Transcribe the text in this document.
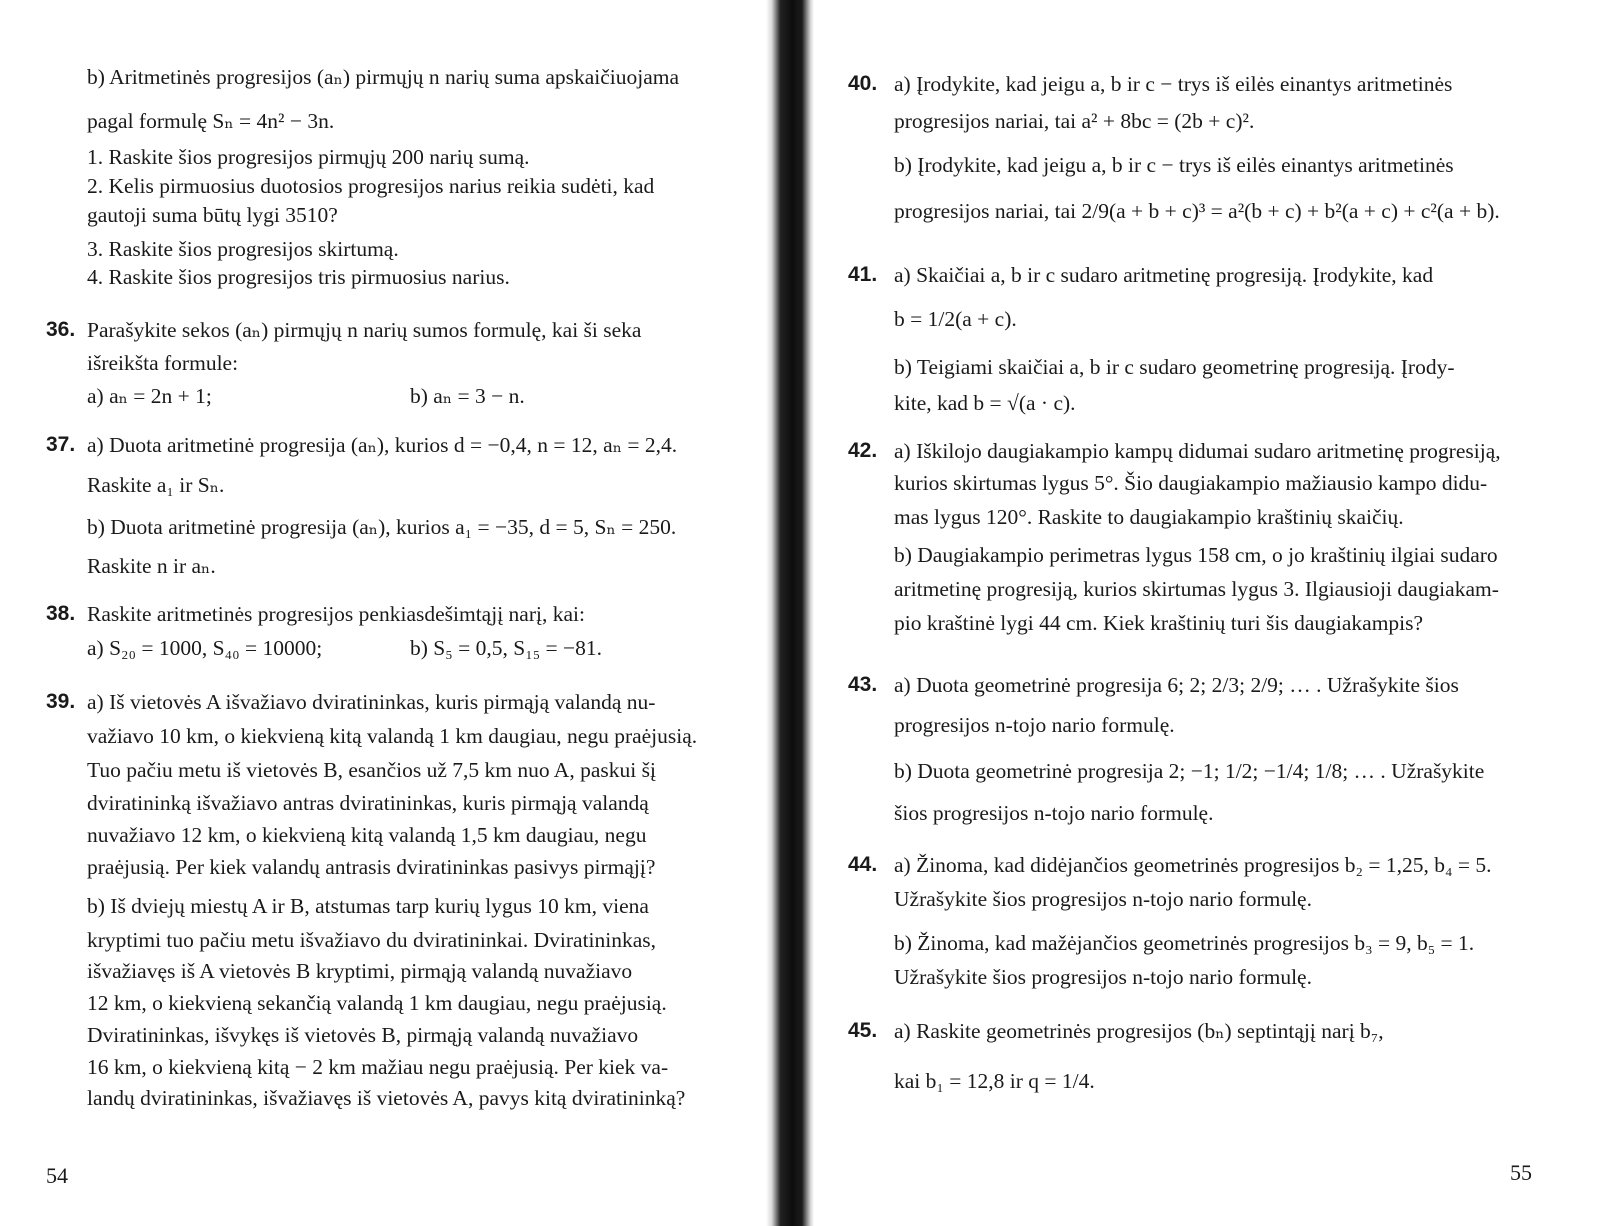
b) Aritmetinės progresijos (aₙ) pirmųjų n narių suma apskaičiuojama
pagal formulę Sₙ = 4n² − 3n.
1. Raskite šios progresijos pirmųjų 200 narių sumą.
2. Kelis pirmuosius duotosios progresijos narius reikia sudėti, kad
gautoji suma būtų lygi 3510?
3. Raskite šios progresijos skirtumą.
4. Raskite šios progresijos tris pirmuosius narius.
36. Parašykite sekos (aₙ) pirmųjų n narių sumos formulę, kai ši seka
išreikšta formule:
a) aₙ = 2n + 1;	b) aₙ = 3 − n.
37. a) Duota aritmetinė progresija (aₙ), kurios d = −0,4, n = 12, aₙ = 2,4.
Raskite a₁ ir Sₙ.
b) Duota aritmetinė progresija (aₙ), kurios a₁ = −35, d = 5, Sₙ = 250.
Raskite n ir aₙ.
38. Raskite aritmetinės progresijos penkiasdešimtąjį narį, kai:
a) S₂₀ = 1000, S₄₀ = 10000;	b) S₅ = 0,5, S₁₅ = −81.
39. a) Iš vietovės A išvažiavo dviratininkas, kuris pirmąją valandą nu-
važiavo 10 km, o kiekvieną kitą valandą 1 km daugiau, negu praėjusią.
Tuo pačiu metu iš vietovės B, esančios už 7,5 km nuo A, paskui šį
dviratininką išvažiavo antras dviratininkas, kuris pirmąją valandą
nuvažiavo 12 km, o kiekvieną kitą valandą 1,5 km daugiau, negu
praėjusią. Per kiek valandų antrasis dviratininkas pasivys pirmąjį?
b) Iš dviejų miestų A ir B, atstumas tarp kurių lygus 10 km, viena
kryptimi tuo pačiu metu išvažiavo du dviratininkai. Dviratininkas,
išvažiavęs iš A vietovės B kryptimi, pirmąją valandą nuvažiavo
12 km, o kiekvieną sekančią valandą 1 km daugiau, negu praėjusią.
Dviratininkas, išvykęs iš vietovės B, pirmąją valandą nuvažiavo
16 km, o kiekvieną kitą − 2 km mažiau negu praėjusią. Per kiek va-
landų dviratininkas, išvažiavęs iš vietovės A, pavys kitą dviratininką?
54
40. a) Įrodykite, kad jeigu a, b ir c − trys iš eilės einantys aritmetinės
progresijos nariai, tai a² + 8bc = (2b + c)².
b) Įrodykite, kad jeigu a, b ir c − trys iš eilės einantys aritmetinės
progresijos nariai, tai 2/9(a + b + c)³ = a²(b + c) + b²(a + c) + c²(a + b).
41. a) Skaičiai a, b ir c sudaro aritmetinę progresiją. Įrodykite, kad
b = 1/2(a + c).
b) Teigiami skaičiai a, b ir c sudaro geometrinę progresiją. Įrody-
kite, kad b = √(a · c).
42. a) Iškilojo daugiakampio kampų didumai sudaro aritmetinę progresiją,
kurios skirtumas lygus 5°. Šio daugiakampio mažiausio kampo didu-
mas lygus 120°. Raskite to daugiakampio kraštinių skaičių.
b) Daugiakampio perimetras lygus 158 cm, o jo kraštinių ilgiai sudaro
aritmetinę progresiją, kurios skirtumas lygus 3. Ilgiausioji daugiakam-
pio kraštinė lygi 44 cm. Kiek kraštinių turi šis daugiakampis?
43. a) Duota geometrinė progresija 6; 2; 2/3; 2/9; … . Užrašykite šios
progresijos n-tojo nario formulę.
b) Duota geometrinė progresija 2; −1; 1/2; −1/4; 1/8; … . Užrašykite
šios progresijos n-tojo nario formulę.
44. a) Žinoma, kad didėjančios geometrinės progresijos b₂ = 1,25, b₄ = 5.
Užrašykite šios progresijos n-tojo nario formulę.
b) Žinoma, kad mažėjančios geometrinės progresijos b₃ = 9, b₅ = 1.
Užrašykite šios progresijos n-tojo nario formulę.
45. a) Raskite geometrinės progresijos (bₙ) septintąjį narį b₇,
kai b₁ = 12,8 ir q = 1/4.
55
